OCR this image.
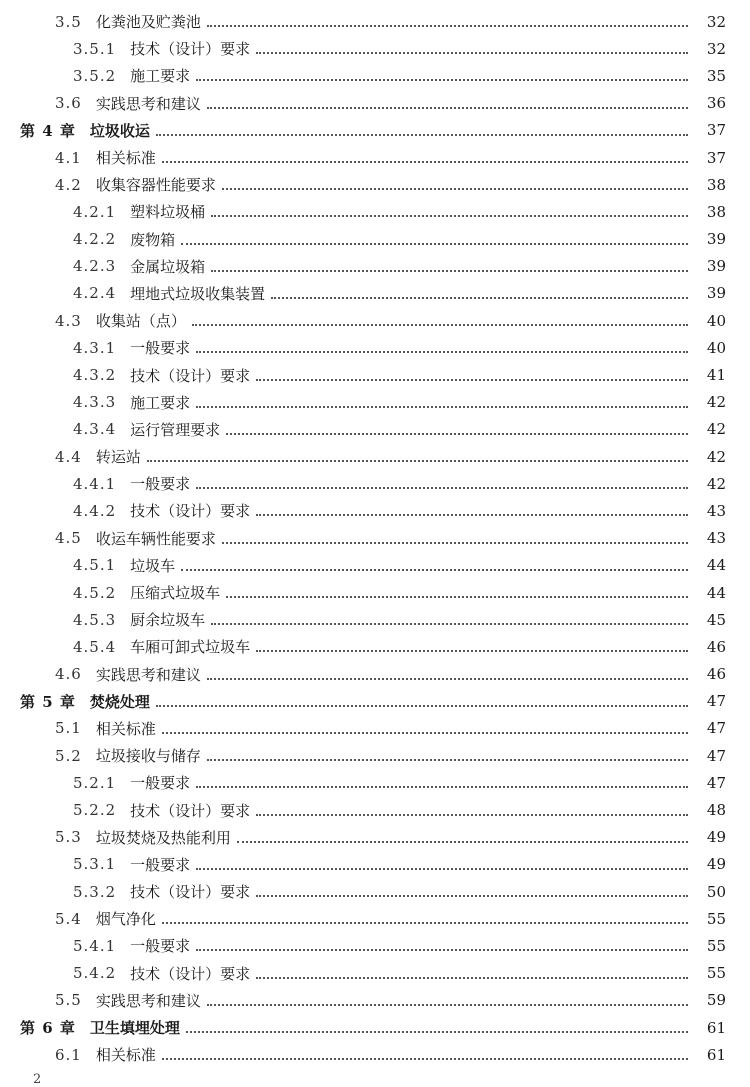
3.5 化粪池及贮粪池	32
3.5.1 技术（设计）要求	32
3.5.2 施工要求	35
3.6 实践思考和建议	36
第 4 章 垃圾收运	37
4.1 相关标准	37
4.2 收集容器性能要求	38
4.2.1 塑料垃圾桶	38
4.2.2 废物箱	39
4.2.3 金属垃圾箱	39
4.2.4 埋地式垃圾收集装置	39
4.3 收集站（点）	40
4.3.1 一般要求	40
4.3.2 技术（设计）要求	41
4.3.3 施工要求	42
4.3.4 运行管理要求	42
4.4 转运站	42
4.4.1 一般要求	42
4.4.2 技术（设计）要求	43
4.5 收运车辆性能要求	43
4.5.1 垃圾车	44
4.5.2 压缩式垃圾车	44
4.5.3 厨余垃圾车	45
4.5.4 车厢可卸式垃圾车	46
4.6 实践思考和建议	46
第 5 章 焚烧处理	47
5.1 相关标准	47
5.2 垃圾接收与储存	47
5.2.1 一般要求	47
5.2.2 技术（设计）要求	48
5.3 垃圾焚烧及热能利用	49
5.3.1 一般要求	49
5.3.2 技术（设计）要求	50
5.4 烟气净化	55
5.4.1 一般要求	55
5.4.2 技术（设计）要求	55
5.5 实践思考和建议	59
第 6 章 卫生填埋处理	61
6.1 相关标准	61
2
